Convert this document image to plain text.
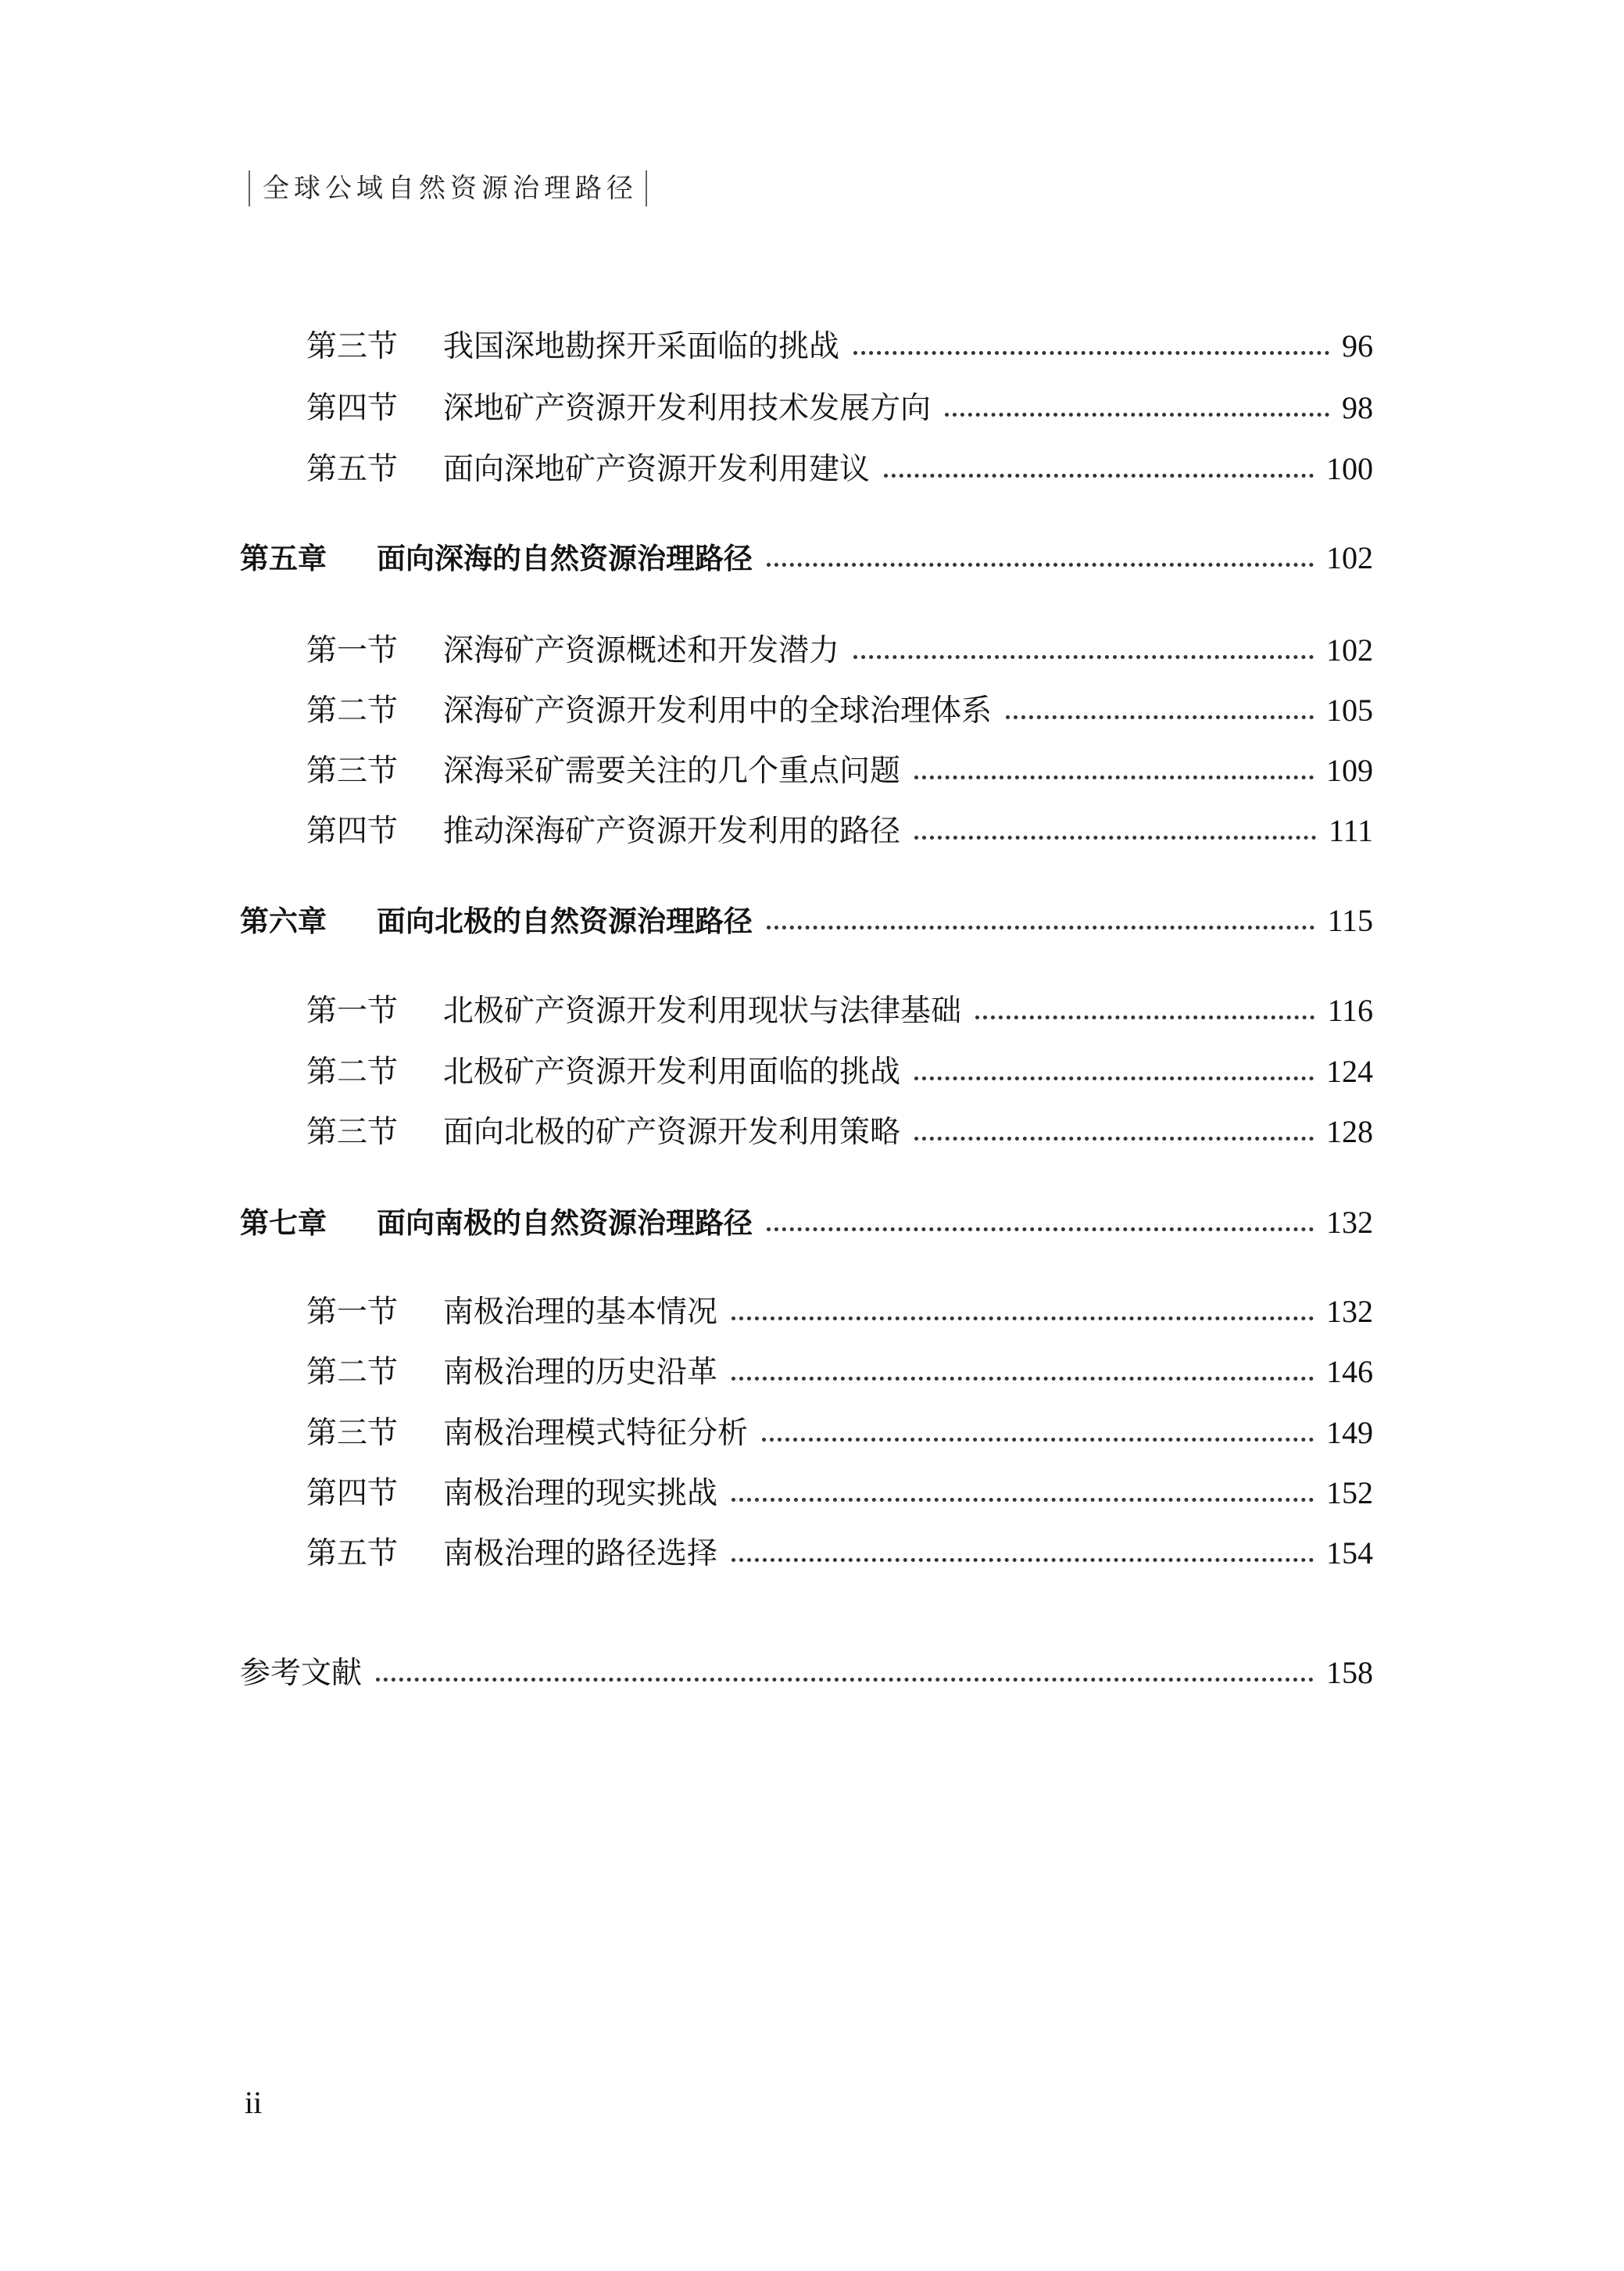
全球公域自然资源治理路径
第三节	我国深地勘探开采面临的挑战	96
第四节	深地矿产资源开发利用技术发展方向	98
第五节	面向深地矿产资源开发利用建议	100
第五章	面向深海的自然资源治理路径	102
第一节	深海矿产资源概述和开发潜力	102
第二节	深海矿产资源开发利用中的全球治理体系	105
第三节	深海采矿需要关注的几个重点问题	109
第四节	推动深海矿产资源开发利用的路径	111
第六章	面向北极的自然资源治理路径	115
第一节	北极矿产资源开发利用现状与法律基础	116
第二节	北极矿产资源开发利用面临的挑战	124
第三节	面向北极的矿产资源开发利用策略	128
第七章	面向南极的自然资源治理路径	132
第一节	南极治理的基本情况	132
第二节	南极治理的历史沿革	146
第三节	南极治理模式特征分析	149
第四节	南极治理的现实挑战	152
第五节	南极治理的路径选择	154
参考文献	158
ii
